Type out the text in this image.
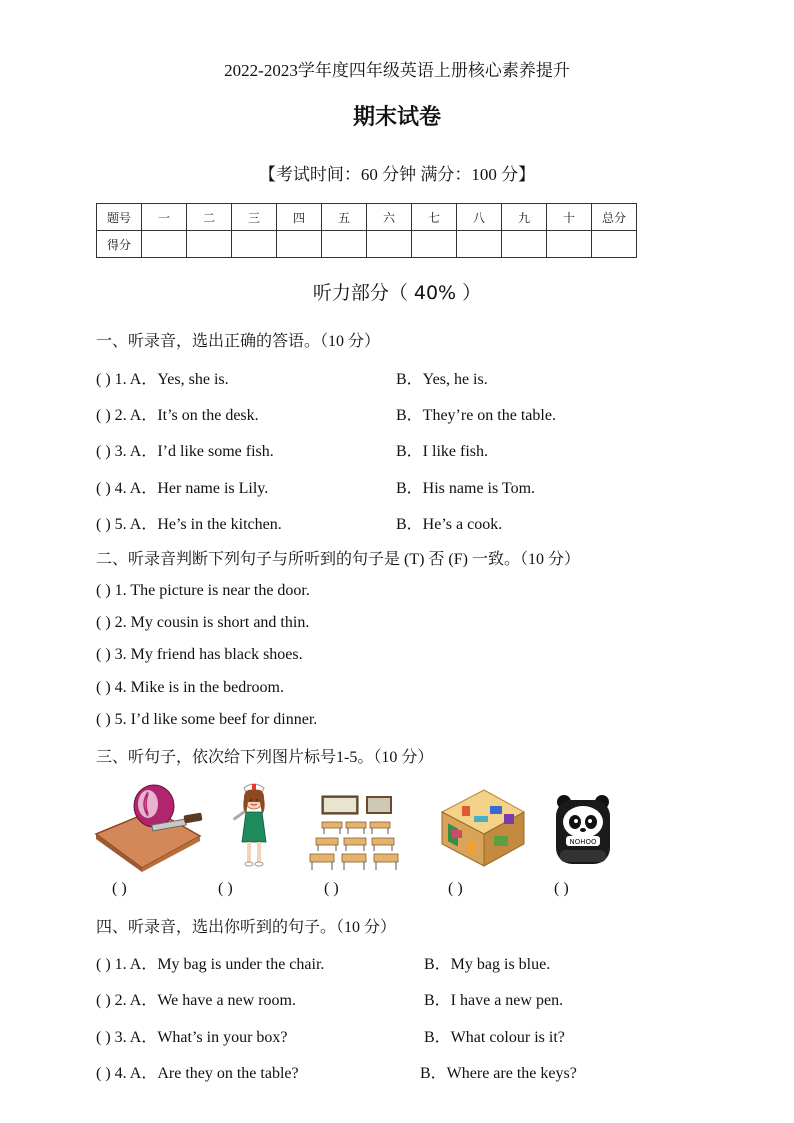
2022-2023学年度四年级英语上册核心素养提升
期末试卷
【考试时间：60 分钟 满分：100 分】
题号	一	二	三	四	五	六	七	八	九	十	总分
得分											
听力部分（ 40% ）
一、听录音，选出正确的答语。（10 分）
( ) 1. A．Yes, she is.	B．Yes, he is.
( ) 2. A．It’s on the desk.	B．They’re on the table.
( ) 3. A．I’d like some fish.	B．I like fish.
( ) 4. A．Her name is Lily.	B．His name is Tom.
( ) 5. A．He’s in the kitchen.	B．He’s a cook.
二、听录音判断下列句子与所听到的句子是 (T) 否 (F) 一致。（10 分）
( ) 1. The picture is near the door.
( ) 2. My cousin is short and thin.
( ) 3. My friend has black shoes.
( ) 4. Mike is in the bedroom.
( ) 5. I’d like some beef for dinner.
三、听句子，依次给下列图片标号1-5。（10 分）
NOHOO
( )	( )	( )	( )	( )
四、听录音，选出你听到的句子。（10 分）
( ) 1. A．My bag is under the chair.	B．My bag is blue.
( ) 2. A．We have a new room.	B．I have a new pen.
( ) 3. A．What’s in your box?	B．What colour is it?
( ) 4. A．Are they on the table?	B．Where are the keys?
